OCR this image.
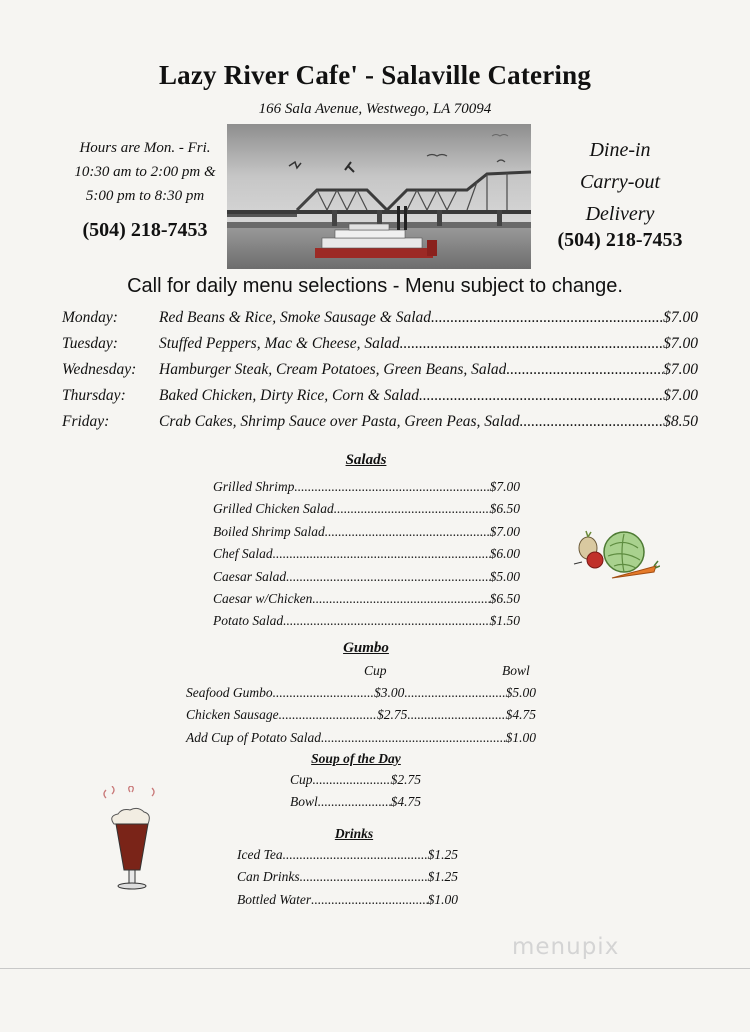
Lazy River Cafe' - Salaville Catering
166 Sala Avenue, Westwego, LA 70094
Hours are Mon. - Fri.
10:30 am to 2:00 pm &
5:00 pm to 8:30 pm
(504) 218-7453
Dine-in
Carry-out
Delivery
(504) 218-7453
Call for daily menu selections - Menu subject to change.
Monday:	Red Beans & Rice, Smoke Sausage & Salad .....	$7.00
Tuesday:	Stuffed Peppers, Mac & Cheese, Salad .....	$7.00
Wednesday:	Hamburger Steak, Cream Potatoes, Green Beans, Salad .....	$7.00
Thursday:	Baked Chicken, Dirty Rice, Corn & Salad .....	$7.00
Friday:	Crab Cakes, Shrimp Sauce over Pasta, Green Peas, Salad .....	$8.50
Salads
Grilled Shrimp .....	$7.00
Grilled Chicken Salad .....	$6.50
Boiled Shrimp Salad .....	$7.00
Chef Salad .....	$6.00
Caesar Salad .....	$5.00
Caesar w/Chicken .....	$6.50
Potato Salad .....	$1.50
Gumbo
Cup	Bowl
Seafood Gumbo .....	$3.00 .....	$5.00
Chicken Sausage .....	$2.75 .....	$4.75
Add Cup of Potato Salad .....	$1.00
Soup of the Day
Cup .....	$2.75
Bowl .....	$4.75
Drinks
Iced Tea .....	$1.25
Can Drinks .....	$1.25
Bottled Water .....	$1.00
menupix
